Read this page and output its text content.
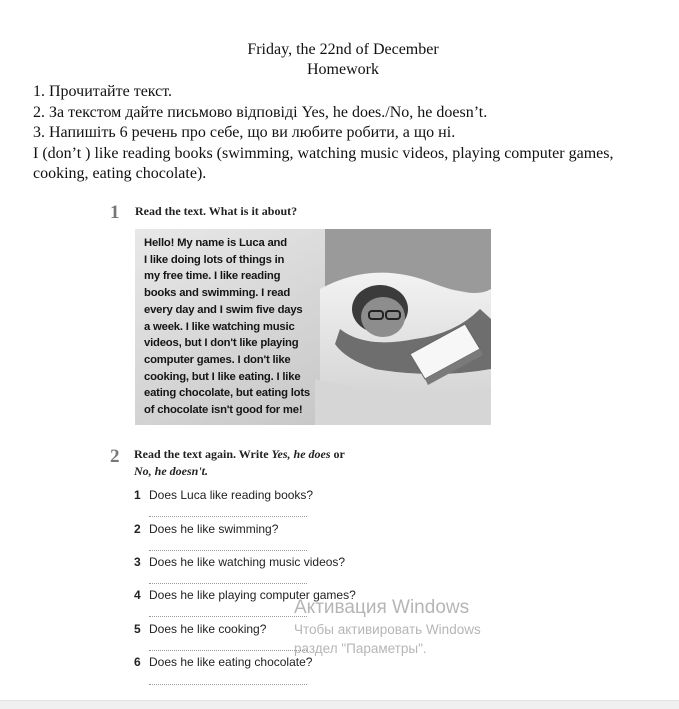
Friday, the 22nd of December
Homework
1. Прочитайте текст.
2. За текстом дайте письмово відповіді Yes, he does./No, he doesn’t.
3. Напишіть 6 речень про себе, що ви любите робити, а що ні.
I (don’t ) like reading books (swimming, watching music videos, playing computer games, cooking, eating chocolate).
1 Read the text. What is it about?
Hello! My name is Luca and
I like doing lots of things in
my free time. I like reading
books and swimming. I read
every day and I swim five days
a week. I like watching music
videos, but I don't like playing
computer games. I don't like
cooking, but I like eating. I like
eating chocolate, but eating lots
of chocolate isn't good for me!
2 Read the text again. Write Yes, he does or
No, he doesn't.
1 Does Luca like reading books?
2 Does he like swimming?
3 Does he like watching music videos?
4 Does he like playing computer games?
5 Does he like cooking?
6 Does he like eating chocolate?
Активация Windows
Чтобы активировать Windows
раздел "Параметры".
